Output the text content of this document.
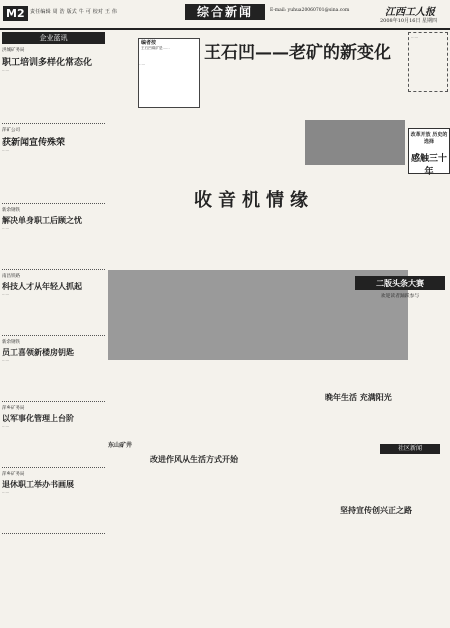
M2	责任编辑 周 浩 版式 牛 可 校对 王 伟	综合新闻	E-mail: yuhua20060701@sina.com	江西工人报
2008年10月16日 星期四
企业蓝讯
洪城矿务局
职工培训多样化常态化
……
萍矿公司
获新闻宣传殊荣
……
新余钢铁
解决单身职工后顾之忧
……
南昌铁路
科技人才从年轻人抓起
……
新余钢铁
员工喜领新楼房钥匙
……
萍乡矿务局
以军事化管理上台阶
……
萍乡矿务局
退休职工举办书画展
……
编者按
王石凹煤矿是……	王石凹——老矿的新变化
……
……
改革开放 历史的选择
感触三十年
收音机情缘
二版头条大赛
欢迎读者踊跃参与
晚年生活 充满阳光
社区新闻
坚持宣传创兴正之路
东山矿井
改进作风从生活方式开始
